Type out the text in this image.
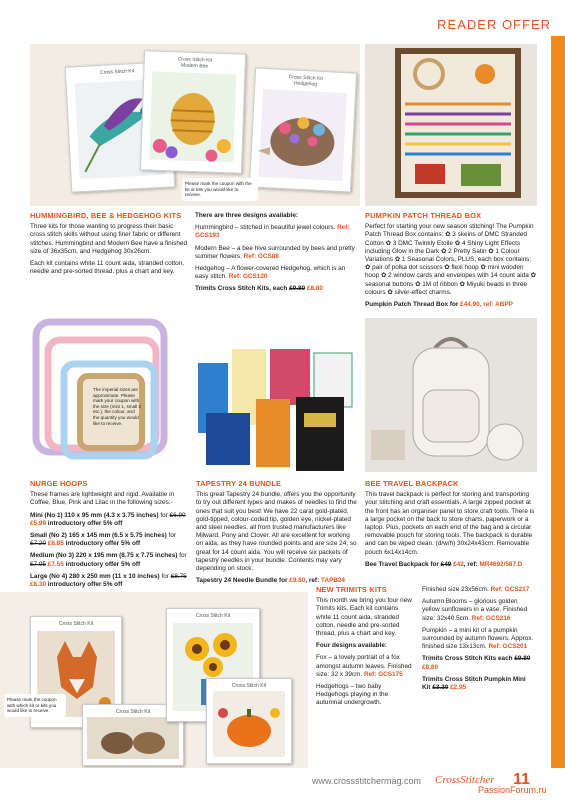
READER OFFER
Cross Stitch Kit
Cross Stitch Kit
Modern Bee
Cross Stitch Kit
Hedgehog
Please mark the coupon with the kit or kits you would like to receive.
HUMMINGBIRD, BEE & HEDGEHOG KITS

Three kits for those wanting to progress their basic cross stitch skills without using finer fabric or different stitches. Hummingbird and Modern Bee have a finished size of 36x35cm, and Hedgehog 30x26cm.

Each kit contains white 11 count aida, stranded cotton, needle and pre-sorted thread, plus a chart and key.

There are three designs available:

Hummingbird – stitched in beautiful jewel colours. Ref: GCS193

Modern Bee – a bee hive surrounded by bees and pretty summer flowers. Ref: GCS88

Hedgehog – A flower-covered Hedgehog, which is an easy stitch. Ref: GCS120

Trimits Cross Stitch Kits, each £9.80 £8.80

PUMPKIN PATCH THREAD BOX

Perfect for starting your new season stitching! The Pumpkin Patch Thread Box contains: ✿ 3 skeins of DMC Stranded Cotton ✿ 3 DMC Twinkly Etoile ✿ 4 Shiny Light Effects including Glow in the Dark ✿ 2 Pretty Satin ✿ 1 Colour Variations ✿ 1 Seasonal Colors, PLUS, each box contains: ✿ pair of polka dot scissors ✿ flexi hoop ✿ mini wooden hoop ✿ 2 window cards and envelopes with 14 count aida ✿ seasonal buttons ✿ 1M of ribbon ✿ Miyuki beads in three colours ✿ silver-effect charms.

Pumpkin Patch Thread Box for £44.90, ref: ABPP

The imperial sizes are approximate. Please mark your coupon with the size (mini 1, small 2 etc.), the colour, and the quantity you would like to receive.
NURGE HOOPS

These frames are lightweight and rigid. Available in Coffee, Blue, Pink and Lilac in the following sizes:-

Mini (No 1) 110 x 95 mm (4.3 x 3.75 inches) for £6.90 £5.99 introductory offer 5% off

Small (No 2) 165 x 145 mm (6.5 x 5.75 inches) for £7.20 £6.85 introductory offer 5% off

Medium (No 3) 220 x 195 mm (8.75 x 7.75 inches) for £7.95 £7.55 introductory offer 5% off

Large (No 4) 280 x 250 mm (11 x 10 inches) for £8.75 £8.30 introductory offer 5% off

TAPESTRY 24 BUNDLE

This great Tapestry 24 bundle, offers you the opportunity to try out different types and makes of needles to find the ones that suit you best! We have 22 carat gold-plated, gold-tipped, colour-coded tip, golden eye, nickel-plated and steel needles, all from trusted manufacturers like Milward, Pony and Clover. All are excellent for working on aida, as they have rounded points and are size 24, so great for 14 count aida. You will receive six packets of tapestry needles in your bundle. Contents may vary depending on stock.

Tapestry 24 Needle Bundle for £9.80, ref: TAPB24

BEE TRAVEL BACKPACK

This travel backpack is perfect for storing and transporting your stitching and craft essentials. A large zipped pocket at the front has an organiser panel to store craft tools. There is a large pocket on the back to store charts, paperwork or a laptop. Plus, pockets on each end of the bag and a circular removable pouch for storing tools. The backpack is durable and can be wiped clean. (d/w/h) 30x24x43cm. Removable pouch 6x14x14cm.

Bee Travel Backpack for £49 £42, ref: MR4692/587.D

Cross Stitch Kit
Cross Stitch Kit
Cross Stitch Kit
Cross Stitch Kit
Please mark the coupon with which kit or kits you would like to receive.
NEW TRIMITS KITS

This month we bring you four new Trimits kits. Each kit contains white 11 count aida, stranded cotton, needle and pre-sorted thread, plus a chart and key.

Four designs available:

Fox – a lovely portrait of a fox amongst autumn leaves. Finished size: 32 x 39cm. Ref: GCS175

Hedgehogs – two baby Hedgehogs playing in the autumnal undergrowth.

Finished size 23x56cm. Ref: GCS217

Autumn Blooms – glorious golden yellow sunflowers in a vase. Finished size: 32x40.5cm. Ref: GCS216

Pumpkin – a mini kit of a pumpkin surrounded by autumn flowers. Approx. finished size 13x13cm. Ref: GCS201

Trimits Cross Stitch Kits each £9.80 £8.80

Trimits Cross Stitch Pumpkin Mini Kit £3.30 £2.95

www.crossstitchermag.com CrossStitcher 11
PassionForum.ru
